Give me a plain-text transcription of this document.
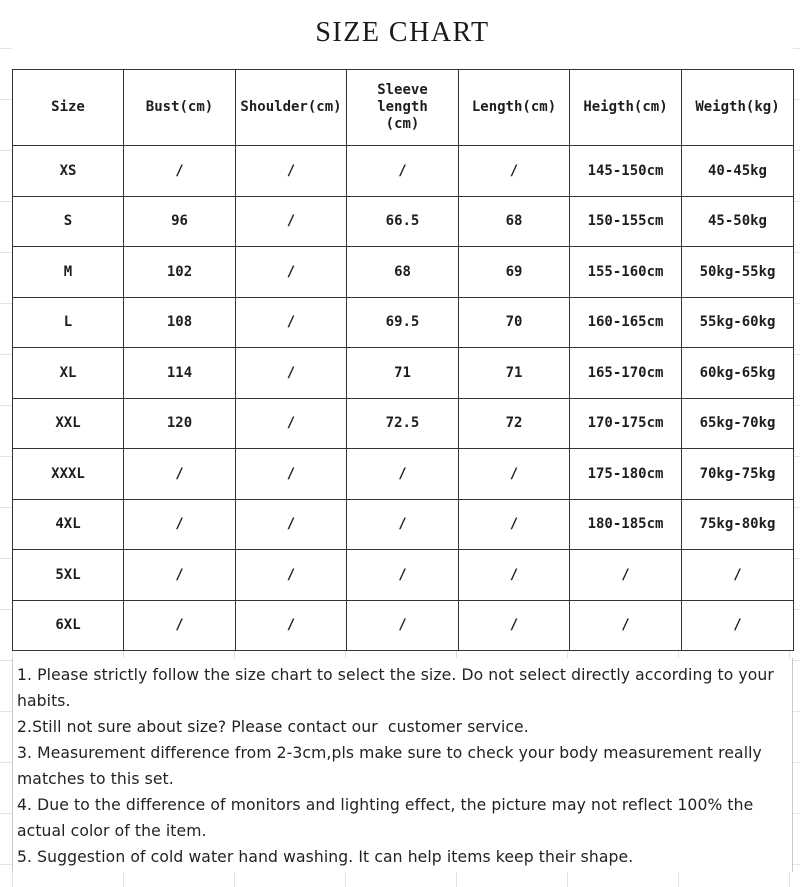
SIZE CHART
Size	Bust(cm)	Shoulder(cm)	Sleeve length (cm)	Length(cm)	Heigth(cm)	Weigth(kg)
XS	/	/	/	/	145-150cm	40-45kg
S	96	/	66.5	68	150-155cm	45-50kg
M	102	/	68	69	155-160cm	50kg-55kg
L	108	/	69.5	70	160-165cm	55kg-60kg
XL	114	/	71	71	165-170cm	60kg-65kg
XXL	120	/	72.5	72	170-175cm	65kg-70kg
XXXL	/	/	/	/	175-180cm	70kg-75kg
4XL	/	/	/	/	180-185cm	75kg-80kg
5XL	/	/	/	/	/	/
6XL	/	/	/	/	/	/

1. Please strictly follow the size chart to select the size. Do not select directly according to your habits.

2.Still not sure about size? Please contact our  customer service.

3. Measurement difference from 2-3cm,pls make sure to check your body measurement really matches to this set.

4. Due to the difference of monitors and lighting effect, the picture may not reflect 100% the actual color of the item.

5. Suggestion of cold water hand washing. It can help items keep their shape.
